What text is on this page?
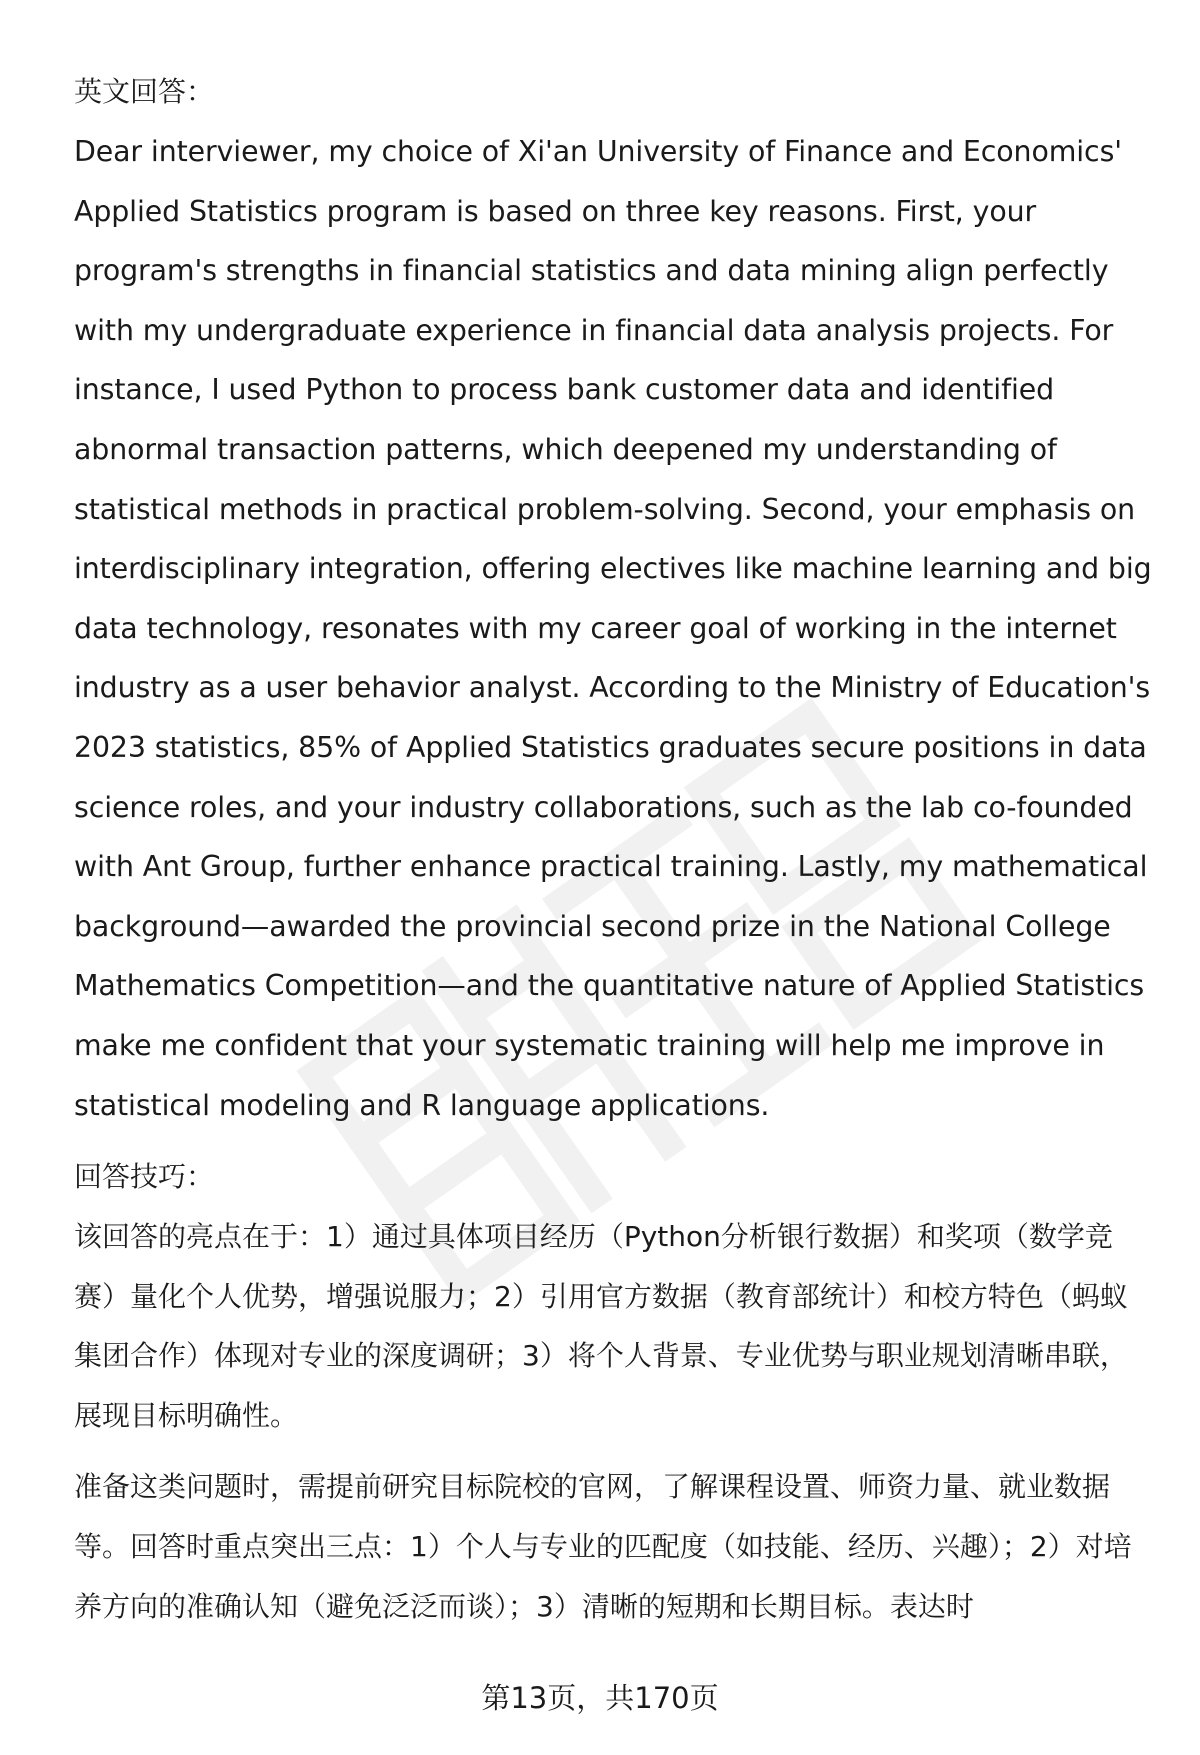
英文回答：

Dear interviewer, my choice of Xi'an University of Finance and Economics' Applied Statistics program is based on three key reasons. First, your program's strengths in financial statistics and data mining align perfectly with my undergraduate experience in financial data analysis projects. For instance, I used Python to process bank customer data and identified abnormal transaction patterns, which deepened my understanding of statistical methods in practical problem-solving. Second, your emphasis on interdisciplinary integration, offering electives like machine learning and big data technology, resonates with my career goal of working in the internet industry as a user behavior analyst. According to the Ministry of Education's 2023 statistics, 85% of Applied Statistics graduates secure positions in data science roles, and your industry collaborations, such as the lab co-founded with Ant Group, further enhance practical training. Lastly, my mathematical background—awarded the provincial second prize in the National College Mathematics Competition—and the quantitative nature of Applied Statistics make me confident that your systematic training will help me improve in statistical modeling and R language applications.

回答技巧：

该回答的亮点在于：1）通过具体项目经历（Python分析银行数据）和奖项（数学竞赛）量化个人优势，增强说服力；2）引用官方数据（教育部统计）和校方特色（蚂蚁集团合作）体现对专业的深度调研；3）将个人背景、专业优势与职业规划清晰串联，展现目标明确性。

准备这类问题时，需提前研究目标院校的官网，了解课程设置、师资力量、就业数据等。回答时重点突出三点：1）个人与专业的匹配度（如技能、经历、兴趣）；2）对培养方向的准确认知（避免泛泛而谈）；3）清晰的短期和长期目标。表达时

第13页，共170页
